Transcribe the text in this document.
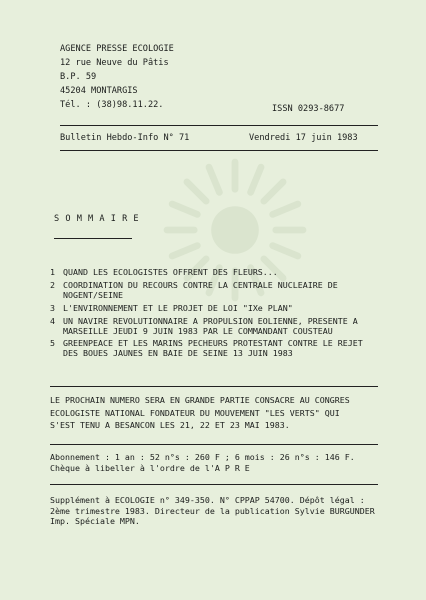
AGENCE PRESSE ECOLOGIE
12 rue Neuve du Pâtis
B.P. 59
45204 MONTARGIS
Tél. : (38)98.11.22.	ISSN 0293-8677
Bulletin Hebdo-Info N° 71	Vendredi 17 juin 1983
S O M M A I R E
1 QUAND LES ECOLOGISTES OFFRENT DES FLEURS...
2 COORDINATION DU RECOURS CONTRE LA CENTRALE NUCLEAIRE DE
NOGENT/SEINE
3 L'ENVIRONNEMENT ET LE PROJET DE LOI "IXe PLAN"
4 UN NAVIRE REVOLUTIONNAIRE A PROPULSION EOLIENNE, PRESENTE A
MARSEILLE JEUDI 9 JUIN 1983 PAR LE COMMANDANT COUSTEAU
5 GREENPEACE ET LES MARINS PECHEURS PROTESTANT CONTRE LE REJET
DES BOUES JAUNES EN BAIE DE SEINE 13 JUIN 1983
LE PROCHAIN NUMERO SERA EN GRANDE PARTIE CONSACRE AU CONGRES
ECOLOGISTE NATIONAL FONDATEUR DU MOUVEMENT "LES VERTS" QUI
S'EST TENU A BESANCON LES 21, 22 ET 23 MAI 1983.
Abonnement : 1 an : 52 n°s : 260 F ; 6 mois : 26 n°s : 146 F.
Chèque à libeller à l'ordre de l'A P R E
Supplément à ECOLOGIE n° 349-350. N° CPPAP 54700. Dépôt légal :
2ème trimestre 1983. Directeur de la publication Sylvie BURGUNDER
Imp. Spéciale MPN.
